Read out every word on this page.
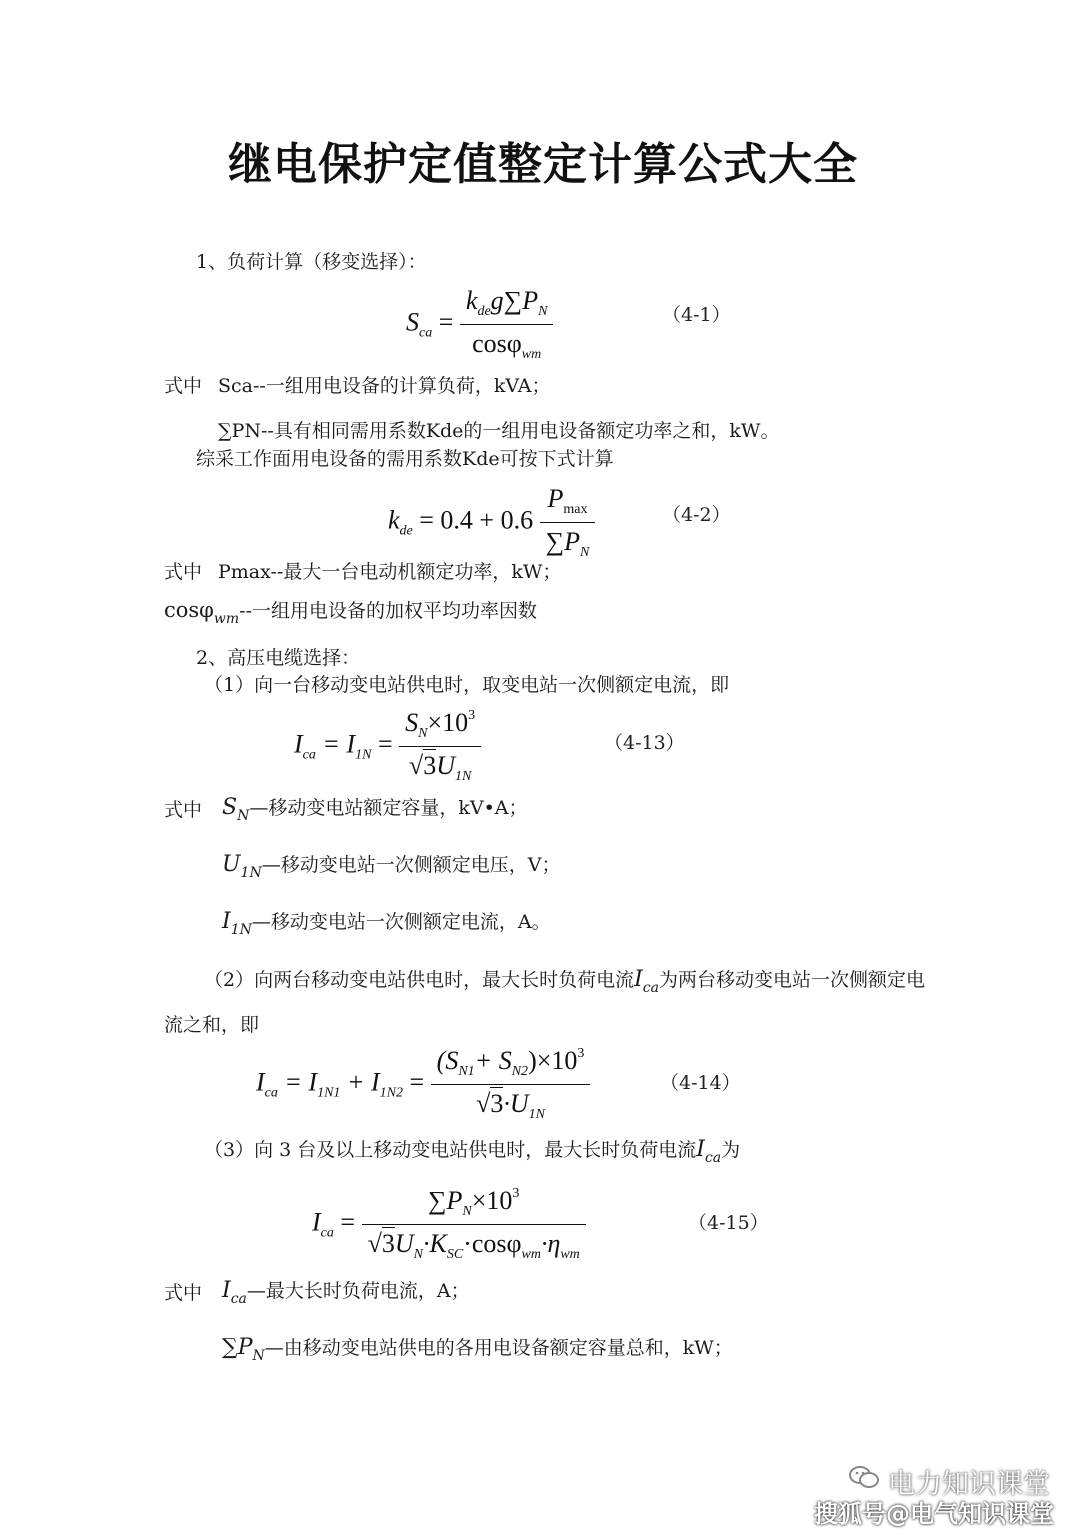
继电保护定值整定计算公式大全
1、负荷计算（移变选择）：
$S_{ca} = \frac{k_{de}g\sum P_N}{\cos\varphi_{wm}}$	（4-1）
式中 Sca--一组用电设备的计算负荷，kVA；
∑PN--具有相同需用系数Kde的一组用电设备额定功率之和，kW。
综采工作面用电设备的需用系数Kde可按下式计算
$k_{de} = 0.4 + 0.6 \frac{P_{max}}{\sum P_N}$	（4-2）
式中 Pmax--最大一台电动机额定功率，kW；
cosφ$_{wm}$--一组用电设备的加权平均功率因数
2、高压电缆选择：
（1）向一台移动变电站供电时，取变电站一次侧额定电流，即
$I_{ca} = I_{1N} = \frac{S_N\times 10^3}{√3U_{1N}}$	（4-13）
式中 $S_N—$移动变电站额定容量，kV•A；
$U_{1N}—$移动变电站一次侧额定电压，V；
$I_{1N}—$移动变电站一次侧额定电流，A。
（2）向两台移动变电站供电时，最大长时负荷电流$I_{ca}$为两台移动变电站一次侧额定电
流之和，即
$I_{ca} = I_{1N1} + I_{1N2} = \frac{(S_{N1}+ S_{N2})\times 10^3}{√3\cdot U_{1N}}$	（4-14）
（3）向 3 台及以上移动变电站供电时，最大长时负荷电流$I_{ca}$为
$I_{ca} = \frac{\sum P_N\times 10^3}{√3U_N\cdot K_{SC}\cdot\cos\varphi_{wm}\cdot\eta_{wm}}$	（4-15）
式中 $I_{ca}—$最大长时负荷电流，A；
$\sum P_N—$由移动变电站供电的各用电设备额定容量总和，kW；
电力知识课堂
搜狐号@电气知识课堂
